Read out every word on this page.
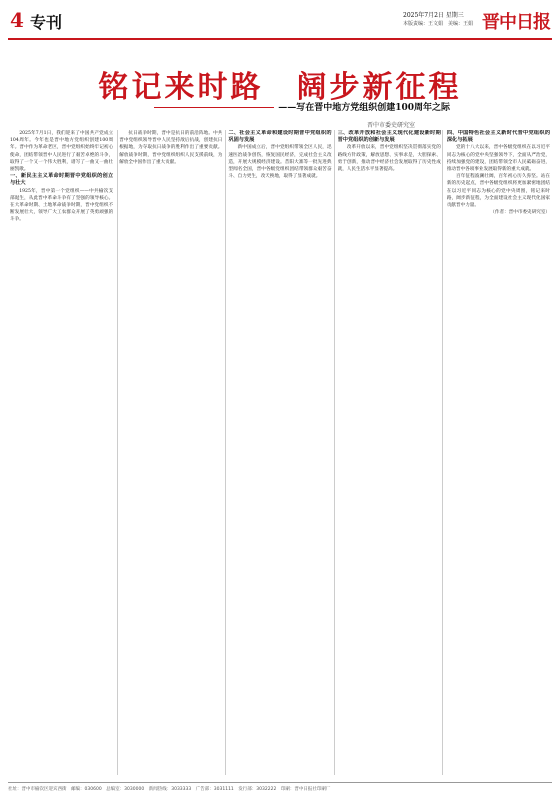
4 专刊	2025年7月2日 星期三
本版责编：王文娟　美编：王娟 晋中日报
铭记来时路　阔步新征程
——写在晋中地方党组织创建100周年之际
晋中市委史研究室

2025年7月1日，我们迎来了中国共产党成立104周年。今年也是晋中地方党组织创建100周年。晋中作为革命老区，晋中党组织始终牢记初心使命，团结带领晋中人民进行了艰苦卓绝的斗争，取得了一个又一个伟大胜利，谱写了一曲又一曲壮丽凯歌。

一、新民主主义革命时期晋中党组织的创立与壮大

1925年，晋中第一个党组织——中共榆次支部诞生，从此晋中革命斗争有了坚强的领导核心。在大革命时期、土地革命战争时期，晋中党组织不断发展壮大，领导广大工农群众开展了英勇顽强的斗争。

抗日战争时期，晋中是抗日的前沿阵地。中共晋中党组织领导晋中人民坚持敌后抗战，创建抗日根据地，为夺取抗日战争的胜利作出了重要贡献。解放战争时期，晋中党组织组织人民支援前线，为解放全中国作出了重大贡献。

二、社会主义革命和建设时期晋中党组织的巩固与发展

新中国成立后，晋中党组织带领全区人民，迅速医治战争创伤，恢复国民经济，完成社会主义改造，开展大规模经济建设。昔阳大寨等一批先进典型闻名全国，晋中各级党组织团结带领群众艰苦奋斗、自力更生，改天换地，取得了显著成就。

三、改革开放和社会主义现代化建设新时期晋中党组织的创新与发展

改革开放以来，晋中党组织坚决贯彻落实党的路线方针政策，解放思想、实事求是，大胆探索、勇于创新，推动晋中经济社会发展取得了历史性成就，人民生活水平显著提高。

四、中国特色社会主义新时代晋中党组织的深化与拓展

党的十八大以来，晋中各级党组织在以习近平同志为核心的党中央坚强领导下，全面从严治党，持续加强党的建设，团结带领全市人民砥砺奋进，推动晋中各项事业发展取得新的重大成就。

百年征程波澜壮阔，百年初心历久弥坚。站在新的历史起点，晋中各级党组织将更加紧密地团结在以习近平同志为核心的党中央周围，铭记来时路，阔步新征程，为全面建设社会主义现代化国家贡献晋中力量。

（作者：晋中市委史研究室）

社址：晋中市榆次区迎宾西街　邮编：030600　总编室：3030000　新闻热线：3033333　广告部：3031111　发行部：3032222　印刷：晋中日报社印刷厂
